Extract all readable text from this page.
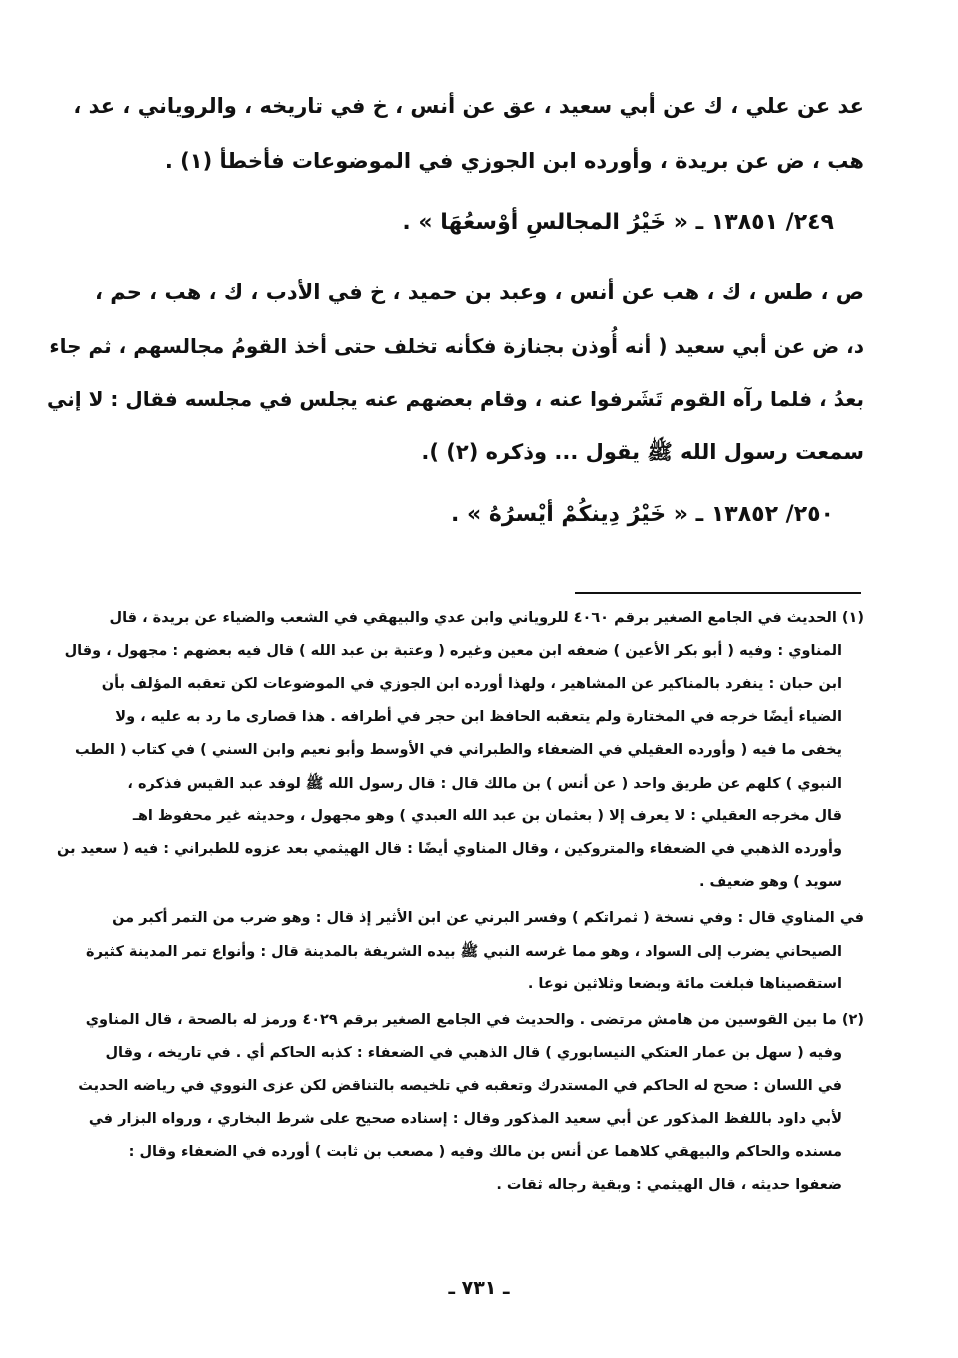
عد عن علي ، ك عن أبي سعيد ، عق عن أنس ، خ في تاريخه ، والروياني ، عد ،
هب ، ض عن بريدة ، وأورده ابن الجوزي في الموضوعات فأخطأ (١) .
٢٤٩/ ١٣٨٥١ ـ « خَيْرُ المجالسِ أوْسعُهَا » .
ص ، طس ، ك ، هب عن أنس ، وعبد بن حميد ، خ في الأدب ، ك ، هب ، حم ،
د، ض عن أبي سعيد ( أنه أُوذن بجنازة فكأنه تخلف حتى أخذ القومُ مجالسهم ، ثم جاء
بعدُ ، فلما رآه القوم تَشَرفوا عنه ، وقام بعضهم عنه يجلس في مجلسه فقال : لا إني
سمعت رسول الله ﷺ يقول ... وذكره (٢) ).
٢٥٠/ ١٣٨٥٢ ـ « خَيْرُ دِينكُمْ أيْسرُهُ » .
(١) الحديث في الجامع الصغير برقم ٤٠٦٠ للروياني وابن عدي والبيهقي في الشعب والضياء عن بريدة ، قال
المناوي : وفيه ( أبو بكر الأعين ) ضعفه ابن معين وغيره ( وعتبة بن عبد الله ) قال فيه بعضهم : مجهول ، وقال
ابن حبان : ينفرد بالمناكير عن المشاهير ، ولهذا أورده ابن الجوزي في الموضوعات لكن تعقبه المؤلف بأن
الضياء أيضًا خرجه في المختارة ولم يتعقبه الحافظ ابن حجر في أطرافه . هذا قصارى ما رد به عليه ، ولا
يخفى ما فيه ( وأورده العقيلي في الضعفاء والطبراني في الأوسط وأبو نعيم وابن السني ) في كتاب ( الطب
النبوي ) كلهم عن طريق واحد ( عن أنس ) بن مالك قال : قال رسول الله ﷺ لوفد عبد القيس فذكره ،
قال مخرجه العقيلي : لا يعرف إلا ( بعثمان بن عبد الله العبدي ) وهو مجهول ، وحديثه غير محفوظ اهـ
وأورده الذهبي في الضعفاء والمتروكين ، وقال المناوي أيضًا : قال الهيثمي بعد عزوه للطبراني : فيه ( سعيد بن
سويد ) وهو ضعيف .
في المناوي قال : وفي نسخة ( ثمراتكم ) وفسر البرني عن ابن الأثير إذ قال : وهو ضرب من التمر أكبر من
الصيحاني يضرب إلى السواد ، وهو مما غرسه النبي ﷺ بيده الشريفة بالمدينة قال : وأنواع تمر المدينة كثيرة
استقصيناها فبلغت مائة وبضعا وثلاثين نوعا .
(٢) ما بين القوسين من هامش مرتضى . والحديث في الجامع الصغير برقم ٤٠٢٩ ورمز له بالصحة ، قال المناوي
وفيه ( سهل بن عمار العتكي النيسابوري ) قال الذهبي في الضعفاء : كذبه الحاكم أي . في تاريخه ، وقال
في اللسان : صحح له الحاكم في المستدرك وتعقبه في تلخيصه بالتناقض لكن عزى النووي في رياضه الحديث
لأبي داود باللفظ المذكور عن أبي سعيد المذكور وقال : إسناده صحيح على شرط البخاري ، ورواه البزار في
مسنده والحاكم والبيهقي كلاهما عن أنس بن مالك وفيه ( مصعب بن ثابت ) أورده في الضعفاء وقال :
ضعفوا حديثه ، قال الهيثمي : وبقية رجاله ثقات .
ـ ٧٣١ ـ
